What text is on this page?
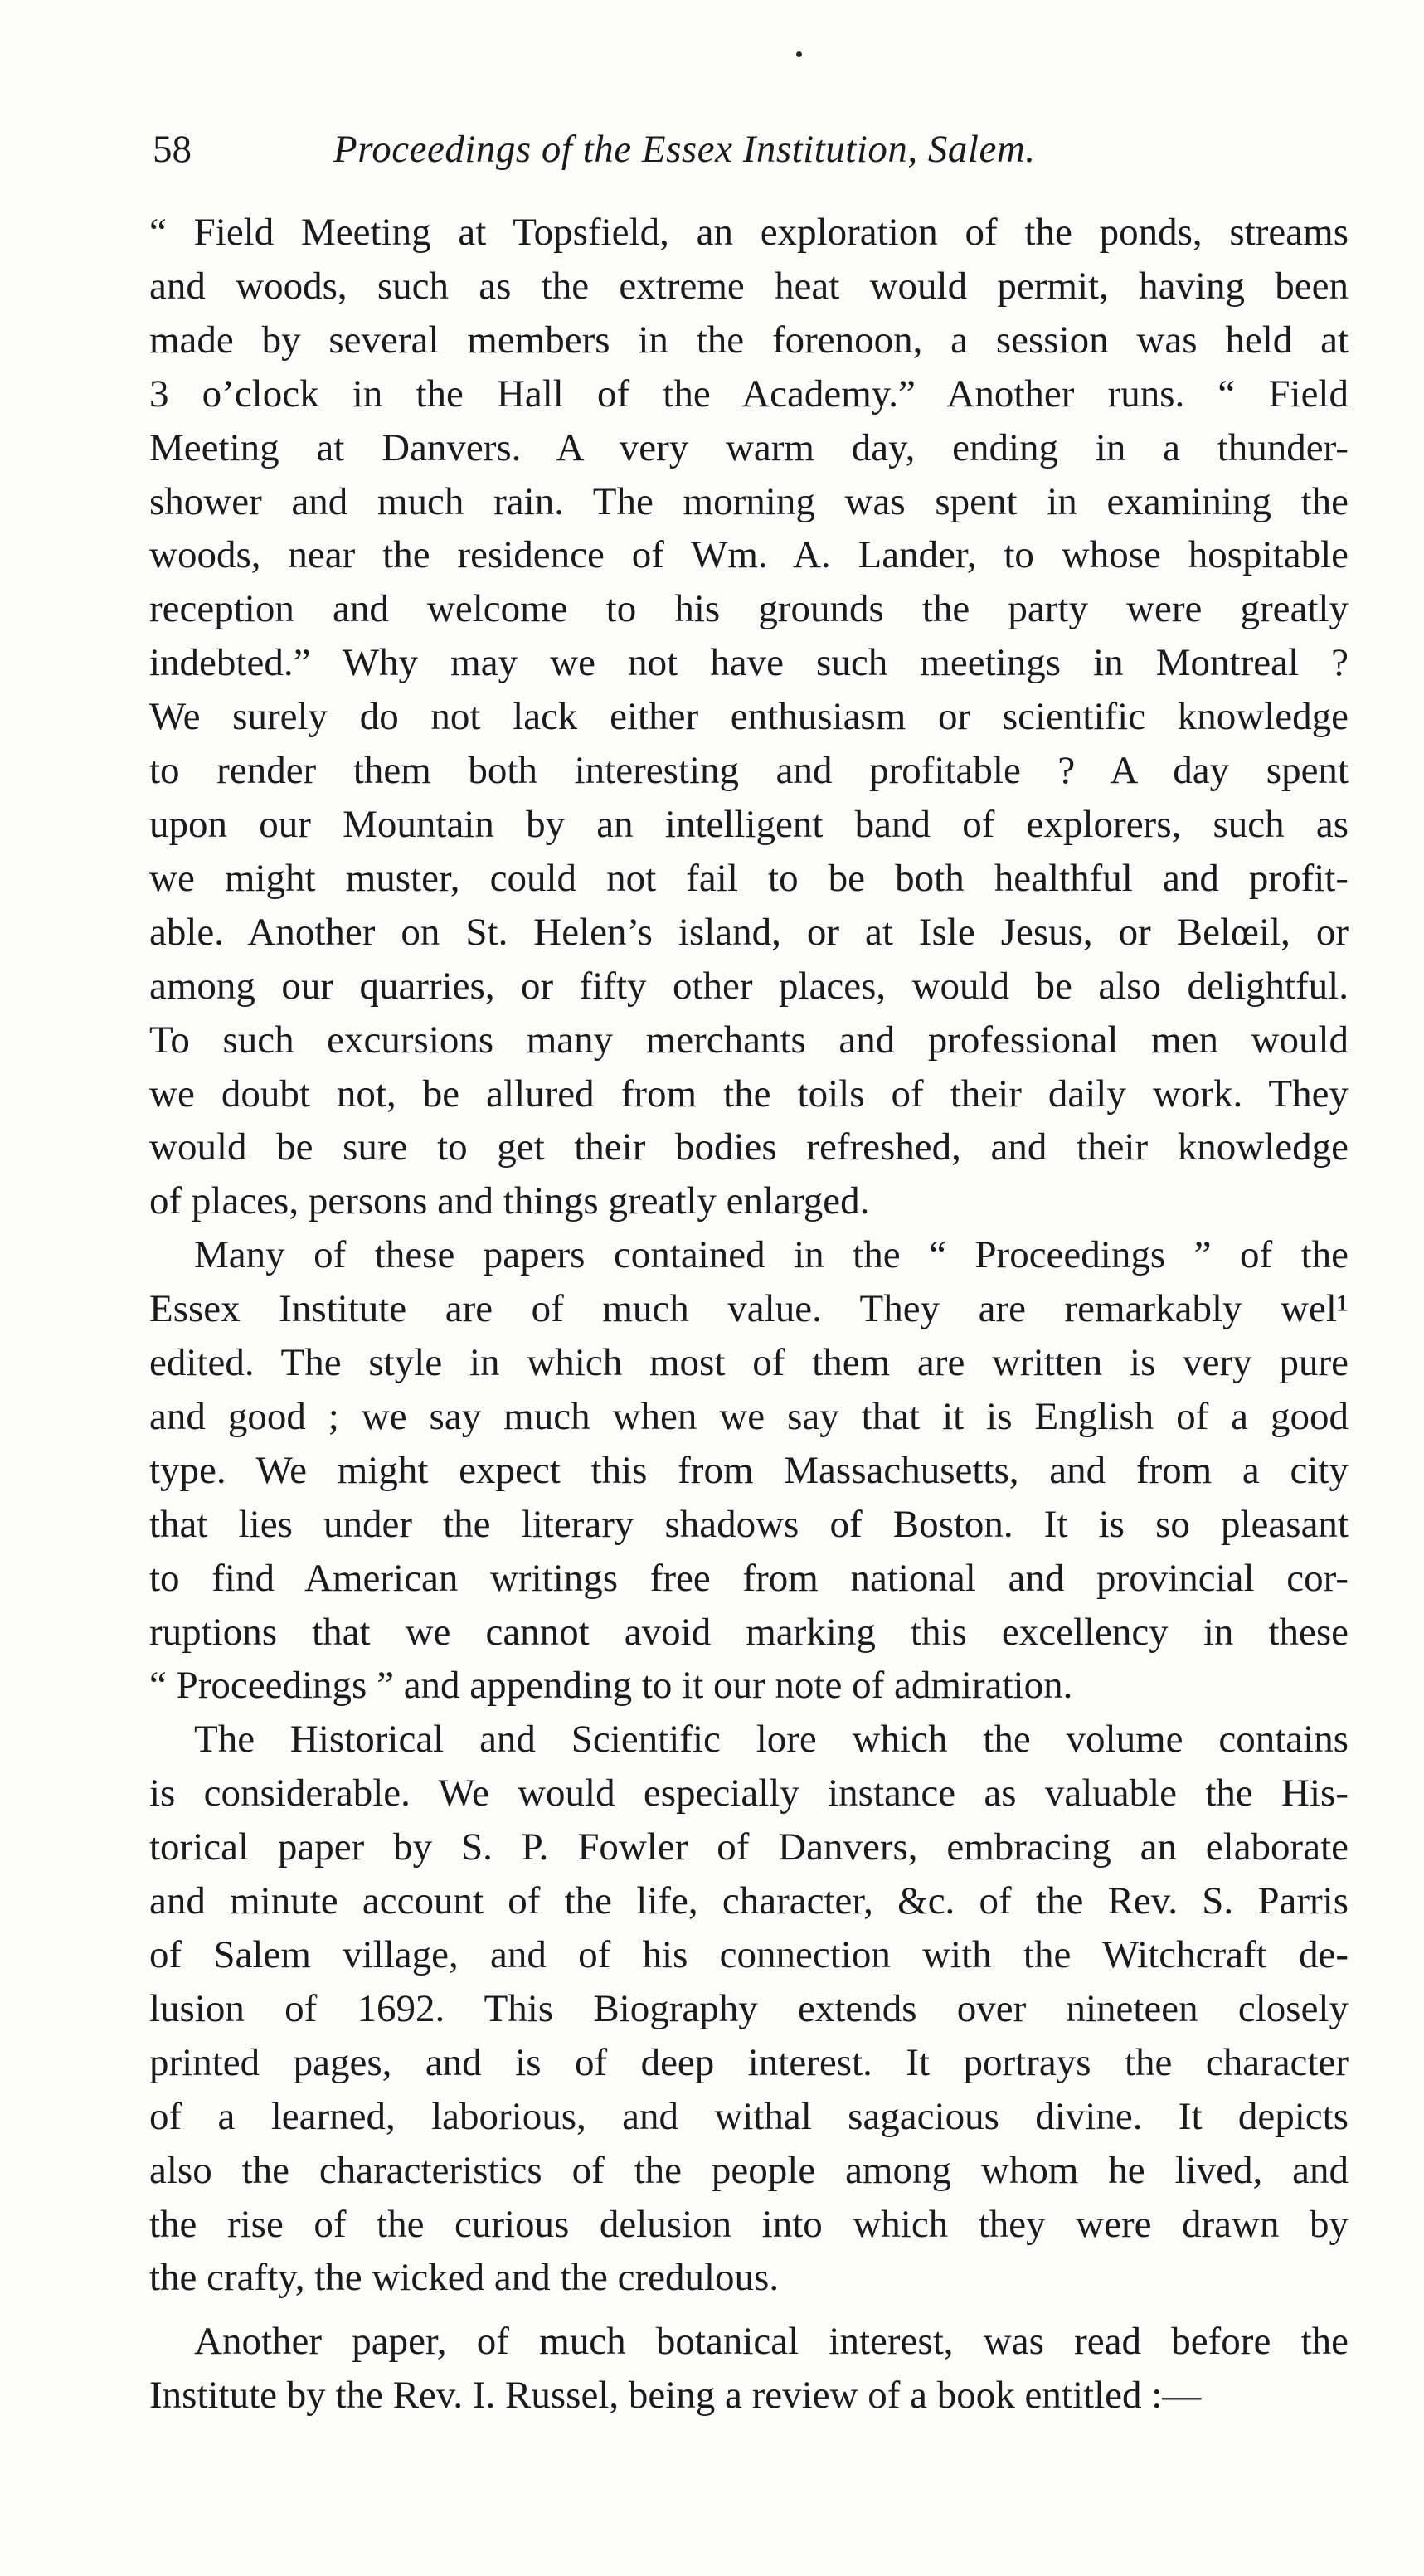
58	Proceedings of the Essex Institution, Salem.
“ Field Meeting at Topsfield, an exploration of the ponds, streams
and woods, such as the extreme heat would permit, having been
made by several members in the forenoon, a session was held at
3 o’clock in the Hall of the Academy.” Another runs. “ Field
Meeting at Danvers. A very warm day, ending in a thunder-
shower and much rain. The morning was spent in examining the
woods, near the residence of Wm. A. Lander, to whose hospitable
reception and welcome to his grounds the party were greatly
indebted.” Why may we not have such meetings in Montreal ?
We surely do not lack either enthusiasm or scientific knowledge
to render them both interesting and profitable ? A day spent
upon our Mountain by an intelligent band of explorers, such as
we might muster, could not fail to be both healthful and profit-
able. Another on St. Helen’s island, or at Isle Jesus, or Belœil, or
among our quarries, or fifty other places, would be also delightful.
To such excursions many merchants and professional men would
we doubt not, be allured from the toils of their daily work. They
would be sure to get their bodies refreshed, and their knowledge
of places, persons and things greatly enlarged.
Many of these papers contained in the “ Proceedings ” of the
Essex Institute are of much value. They are remarkably wel¹
edited. The style in which most of them are written is very pure
and good ; we say much when we say that it is English of a good
type. We might expect this from Massachusetts, and from a city
that lies under the literary shadows of Boston. It is so pleasant
to find American writings free from national and provincial cor-
ruptions that we cannot avoid marking this excellency in these
“ Proceedings ” and appending to it our note of admiration.
The Historical and Scientific lore which the volume contains
is considerable. We would especially instance as valuable the His-
torical paper by S. P. Fowler of Danvers, embracing an elaborate
and minute account of the life, character, &c. of the Rev. S. Parris
of Salem village, and of his connection with the Witchcraft de-
lusion of 1692. This Biography extends over nineteen closely
printed pages, and is of deep interest. It portrays the character
of a learned, laborious, and withal sagacious divine. It depicts
also the characteristics of the people among whom he lived, and
the rise of the curious delusion into which they were drawn by
the crafty, the wicked and the credulous.
Another paper, of much botanical interest, was read before the
Institute by the Rev. I. Russel, being a review of a book entitled :—
